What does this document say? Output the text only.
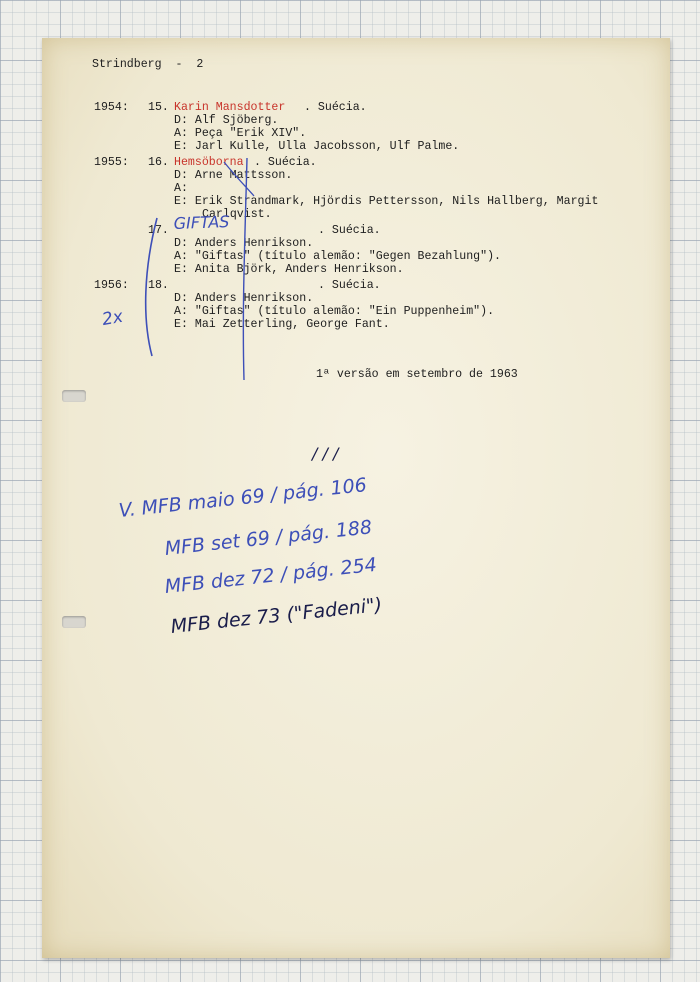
Strindberg  -  2
1954: 15. Karin Mansdotter . Suécia.
D: Alf Sjöberg.
A: Peça "Erik XIV".
E: Jarl Kulle, Ulla Jacobsson, Ulf Palme.
1955: 16. Hemsöborna . Suécia.
D: Arne Mattsson.
A:
E: Erik Strandmark, Hjördis Pettersson, Nils Hallberg, Margit
Carlqvist.
17. GIFTAS	. Suécia.
D: Anders Henrikson.
A: "Giftas" (título alemão: "Gegen Bezahlung").
E: Anita Björk, Anders Henrikson.
1956: 18.	. Suécia.
D: Anders Henrikson.
A: "Giftas" (título alemão: "Ein Puppenheim").
E: Mai Zetterling, George Fant.
1ª versão em setembro de 1963
2x
/ / /
V. MFB maio 69 / pág. 106
MFB set 69 / pág. 188
MFB dez 72 / pág. 254
MFB dez 73 ("Fadeni")
